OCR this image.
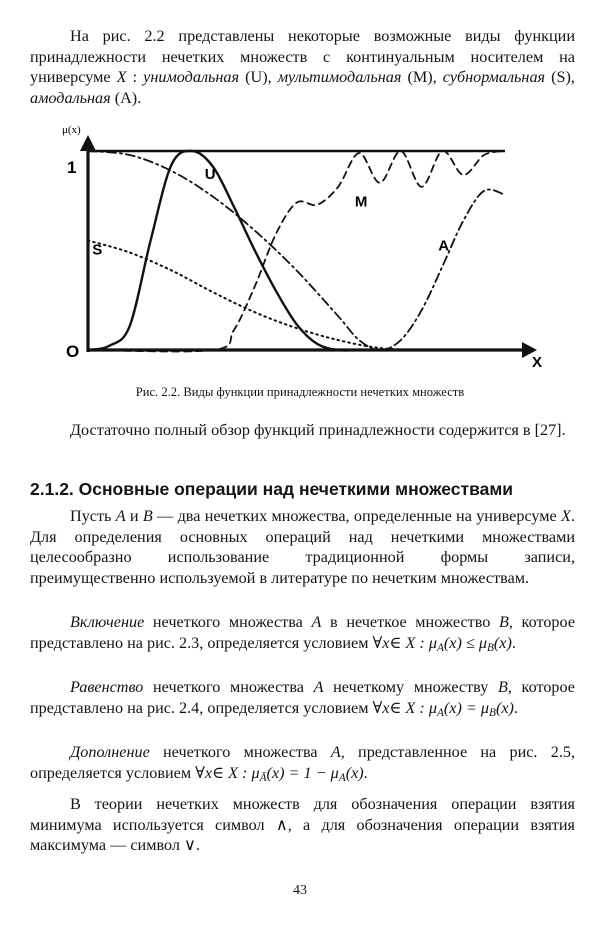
На рис. 2.2 представлены некоторые возможные виды функции принадлежности нечетких множеств с континуальным носителем на универсуме X : унимодальная (U), мультимодальная (M), субнормальная (S), амодальная (A).

μ(x)
1
O
X
U
S
M
A

Рис. 2.2. Виды функции принадлежности нечетких множеств

Достаточно полный обзор функций принадлежности содержится в [27].

2.1.2. Основные операции над нечеткими множествами

Пусть A и B — два нечетких множества, определенные на универсуме X. Для определения основных операций над нечеткими множествами целесообразно использование традиционной формы записи, преимущественно используемой в литературе по нечетким множествам.

Включение нечеткого множества A в нечеткое множество B, которое представлено на рис. 2.3, определяется условием ∀x∈ X : $\mu_A(x) \le \mu_B(x)$.

Равенство нечеткого множества A нечеткому множеству B, которое представлено на рис. 2.4, определяется условием ∀x∈ X : $\mu_A(x) = \mu_B(x)$.

Дополнение нечеткого множества A, представленное на рис. 2.5, определяется условием ∀x∈ X : $\mu_Ā(x) = 1 - \mu_A(x)$.

В теории нечетких множеств для обозначения операции взятия минимума используется символ ∧, а для обозначения операции взятия максимума — символ ∨.

43
